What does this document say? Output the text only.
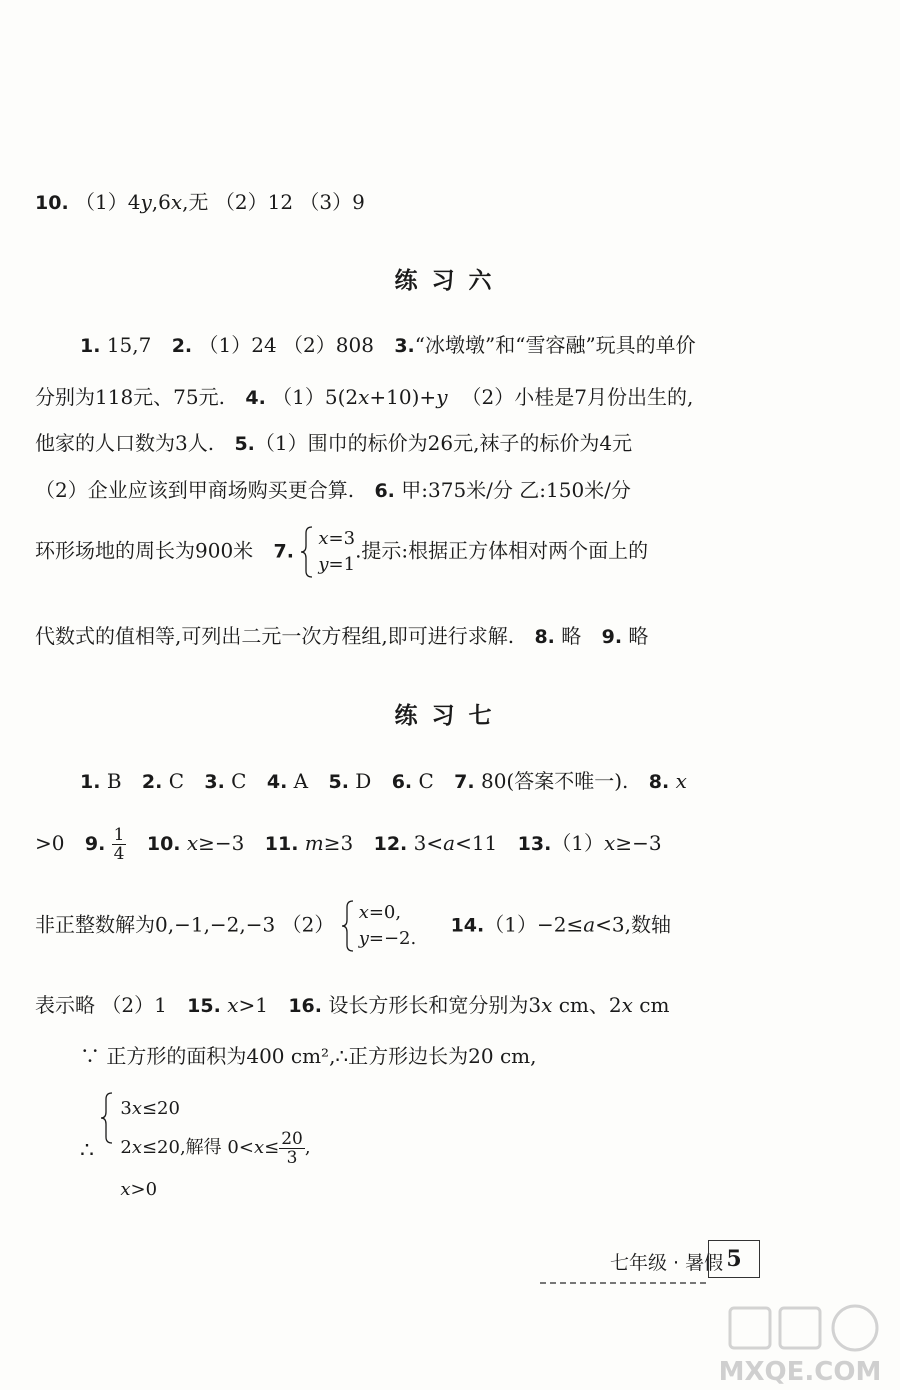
10. （1）4y,6x,无 （2）12 （3）9
练习六
1. 15,7 2. （1）24 （2）808 3.“冰墩墩”和“雪容融”玩具的单价
分别为118元、75元. 4. （1）5(2x+10)+y （2）小桂是7月份出生的,
他家的人口数为3人. 5.（1）围巾的标价为26元,袜子的标价为4元
（2）企业应该到甲商场购买更合算. 6. 甲:375米/分 乙:150米/分
环形场地的周长为900米 7.
x=3
y=1
.提示:根据正方体相对两个面上的
代数式的值相等,可列出二元一次方程组,即可进行求解. 8. 略 9. 略
练习七
1. B 2. C 3. C 4. A 5. D 6. C 7. 80(答案不唯一). 8. x
>0 9. $\frac{1}{4} 10$. x≥−3 11. m≥3 12. 3<a<11 13.（1）x≥−3
非正整数解为0,−1,−2,−3 （2） x=0,
y=−2.
14.（1）−2≤a<3,数轴
表示略 （2）1 15. x>1 16. 设长方形长和宽分别为3x cm、2x cm
∵ 正方形的面积为400 cm²,∴正方形边长为20 cm,
∴
3x≤20
2x≤20,解得 $0<x\le \frac{20}{3}$ ,
x>0
七年级 · 暑假 5
MXQE.COM
